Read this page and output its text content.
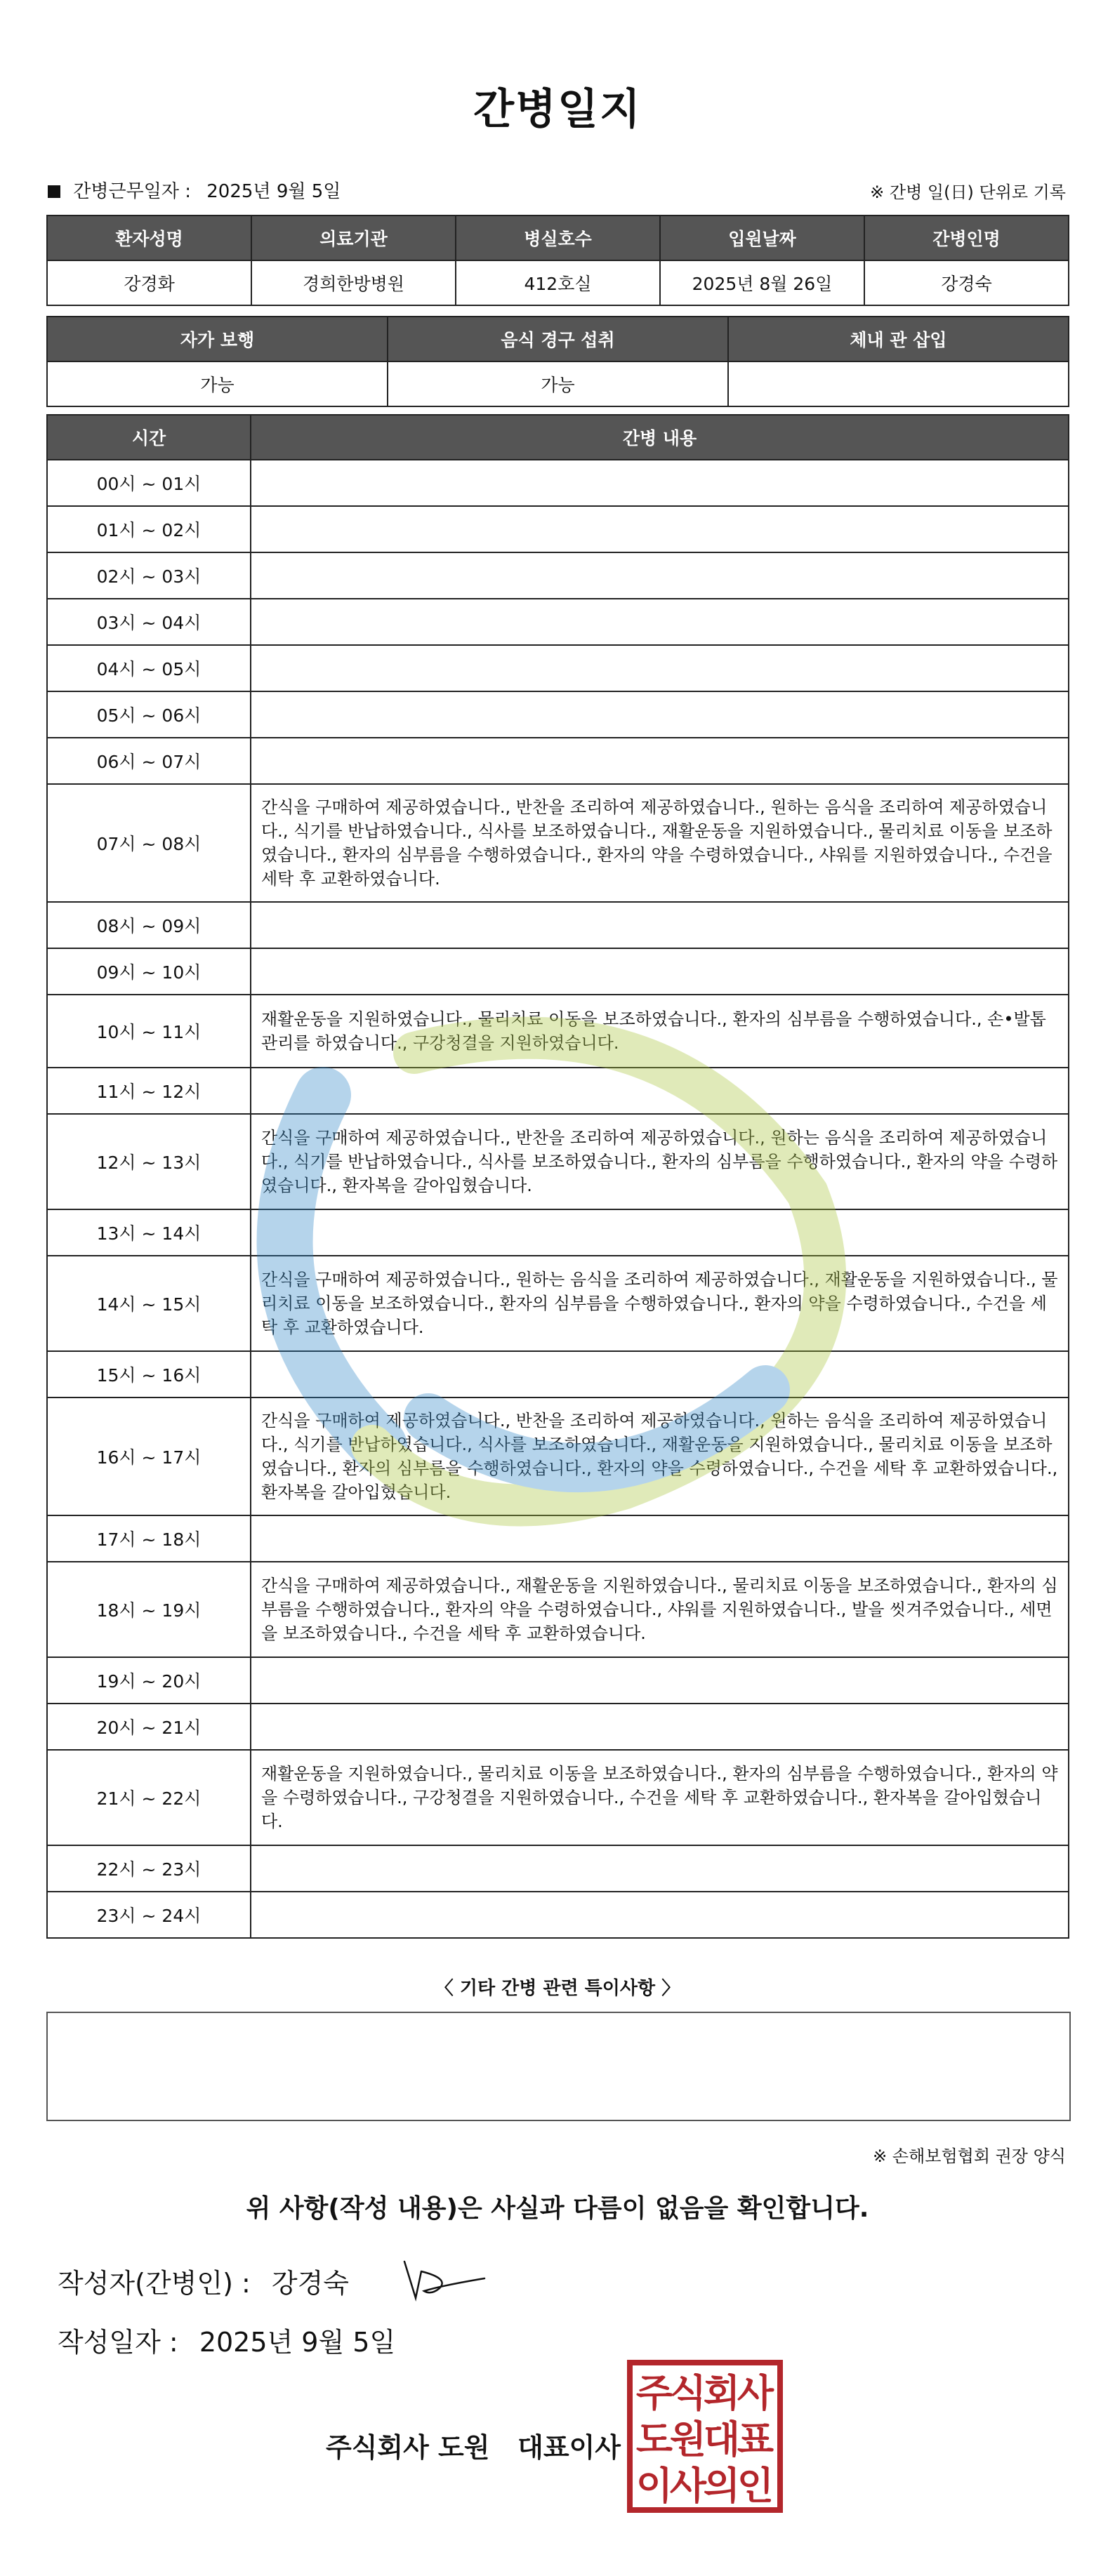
간병일지
간병근무일자 : 2025년 9월 5일	※ 간병 일(日) 단위로 기록
환자성명	의료기관	병실호수	입원날짜	간병인명
강경화	경희한방병원	412호실	2025년 8월 26일	강경숙
자가 보행	음식 경구 섭취	체내 관 삽입
가능	가능	
시간	간병 내용
00시 ~ 01시	
01시 ~ 02시	
02시 ~ 03시	
03시 ~ 04시	
04시 ~ 05시	
05시 ~ 06시	
06시 ~ 07시	
07시 ~ 08시	간식을 구매하여 제공하였습니다., 반찬을 조리하여 제공하였습니다., 원하는 음식을 조리하여 제공하였습니다., 식기를 반납하였습니다., 식사를 보조하였습니다., 재활운동을 지원하였습니다., 물리치료 이동을 보조하였습니다., 환자의 심부름을 수행하였습니다., 환자의 약을 수령하였습니다., 샤워를 지원하였습니다., 수건을 세탁 후 교환하였습니다.
08시 ~ 09시	
09시 ~ 10시	
10시 ~ 11시	재활운동을 지원하였습니다., 물리치료 이동을 보조하였습니다., 환자의 심부름을 수행하였습니다., 손•발톱 관리를 하였습니다., 구강청결을 지원하였습니다.
11시 ~ 12시	
12시 ~ 13시	간식을 구매하여 제공하였습니다., 반찬을 조리하여 제공하였습니다., 원하는 음식을 조리하여 제공하였습니다., 식기를 반납하였습니다., 식사를 보조하였습니다., 환자의 심부름을 수행하였습니다., 환자의 약을 수령하였습니다., 환자복을 갈아입혔습니다.
13시 ~ 14시	
14시 ~ 15시	간식을 구매하여 제공하였습니다., 원하는 음식을 조리하여 제공하였습니다., 재활운동을 지원하였습니다., 물리치료 이동을 보조하였습니다., 환자의 심부름을 수행하였습니다., 환자의 약을 수령하였습니다., 수건을 세탁 후 교환하였습니다.
15시 ~ 16시	
16시 ~ 17시	간식을 구매하여 제공하였습니다., 반찬을 조리하여 제공하였습니다., 원하는 음식을 조리하여 제공하였습니다., 식기를 반납하였습니다., 식사를 보조하였습니다., 재활운동을 지원하였습니다., 물리치료 이동을 보조하였습니다., 환자의 심부름을 수행하였습니다., 환자의 약을 수령하였습니다., 수건을 세탁 후 교환하였습니다., 환자복을 갈아입혔습니다.
17시 ~ 18시	
18시 ~ 19시	간식을 구매하여 제공하였습니다., 재활운동을 지원하였습니다., 물리치료 이동을 보조하였습니다., 환자의 심부름을 수행하였습니다., 환자의 약을 수령하였습니다., 샤워를 지원하였습니다., 발을 씻겨주었습니다., 세면을 보조하였습니다., 수건을 세탁 후 교환하였습니다.
19시 ~ 20시	
20시 ~ 21시	
21시 ~ 22시	재활운동을 지원하였습니다., 물리치료 이동을 보조하였습니다., 환자의 심부름을 수행하였습니다., 환자의 약을 수령하였습니다., 구강청결을 지원하였습니다., 수건을 세탁 후 교환하였습니다., 환자복을 갈아입혔습니다.
22시 ~ 23시	
23시 ~ 24시	
〈 기타 간병 관련 특이사항 〉
※ 손해보험협회 권장 양식
위 사항(작성 내용)은 사실과 다름이 없음을 확인합니다.
작성자(간병인) : 강경숙
작성일자 : 2025년 9월 5일
주식회사 도원   대표이사
주
식
회
사
도
원
대
표
이
사
의
인
